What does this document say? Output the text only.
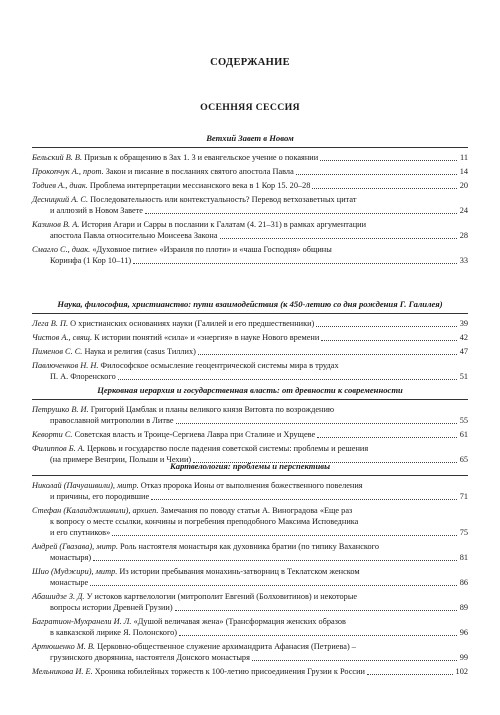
СОДЕРЖАНИЕ
ОСЕННЯЯ СЕССИЯ
Ветхий Завет в Новом
Бельский В. В. Призыв к обращению в Зах 1. 3 и евангельское учение о покаянии	11
Прокопчук А., прот. Закон и писание в посланиях святого апостола Павла	14
Тодиев А., диак. Проблема интерпретации мессианского века в 1 Кор 15. 20–28	20
Десницкий А. С. Последовательность или контекстуальность? Перевод ветхозаветных цитат
и аллюзий в Новом Завете	24
Казинов В. А. История Агари и Сарры в послании к Галатам (4. 21–31) в рамках аргументации
апостола Павла относительно Моисеева Закона	28
Смагло С., диак. «Духовное питие» «Израиля по плоти» и «чаша Господня» общины
Коринфа (1 Кор 10–11)	33
Наука, философия, христианство: пути взаимодействия (к 450-летию со дня рождения Г. Галилея)
Лега В. П. О христианских основаниях науки (Галилей и его предшественники)	39
Чистов А., свящ. К истории понятий «сила» и «энергия» в науке Нового времени	42
Пименов С. С. Наука и религия (casus Тиллих)	47
Павлюченков Н. Н. Философское осмысление геоцентрической системы мира в трудах
П. А. Флоренского	51
Церковная иерархия и государственная власть: от древности к современности
Петрушко В. И. Григорий Цамблак и планы великого князя Витовта по возрождению
православной митрополии в Литве	55
Кеворти С. Советская власть и Троице-Сергиева Лавра при Сталине и Хрущеве	61
Филиппов Б. А. Церковь и государство после падения советской системы: проблемы и решения
(на примере Венгрии, Польши и Чехии)	65
Картвелология: проблемы и перспективы
Николай (Пачуашвили), митр. Отказ пророка Ионы от выполнения божественного повеления
и причины, его породившие	71
Стефан (Калаиджишвили), архиеп. Замечания по поводу статьи А. Виноградова «Еще раз
к вопросу о месте ссылки, кончины и погребения преподобного Максима Исповедника
и его спутников»	75
Андрей (Гвазава), митр. Роль настоятеля монастыря как духовника братии (по типику Ваханского
монастыря)	81
Шио (Муджири), митр. Из истории пребывания монахинь-затворниц в Теклатском женском
монастыре	86
Абашидзе З. Д. У истоков картвелологии (митрополит Евгений (Болховитинов) и некоторые
вопросы истории Древней Грузии)	89
Багратион-Мухранели И. Л. «Душой величавая жена» (Трансформация женских образов
в кавказской лирике Я. Полонского)	96
Артюшенко М. В. Церковно-общественное служение архимандрита Афанасия (Петриева) –
грузинского дворянина, настоятеля Донского монастыря	99
Мельникова И. Е. Хроника юбилейных торжеств к 100-летию присоединения Грузии к России	102
